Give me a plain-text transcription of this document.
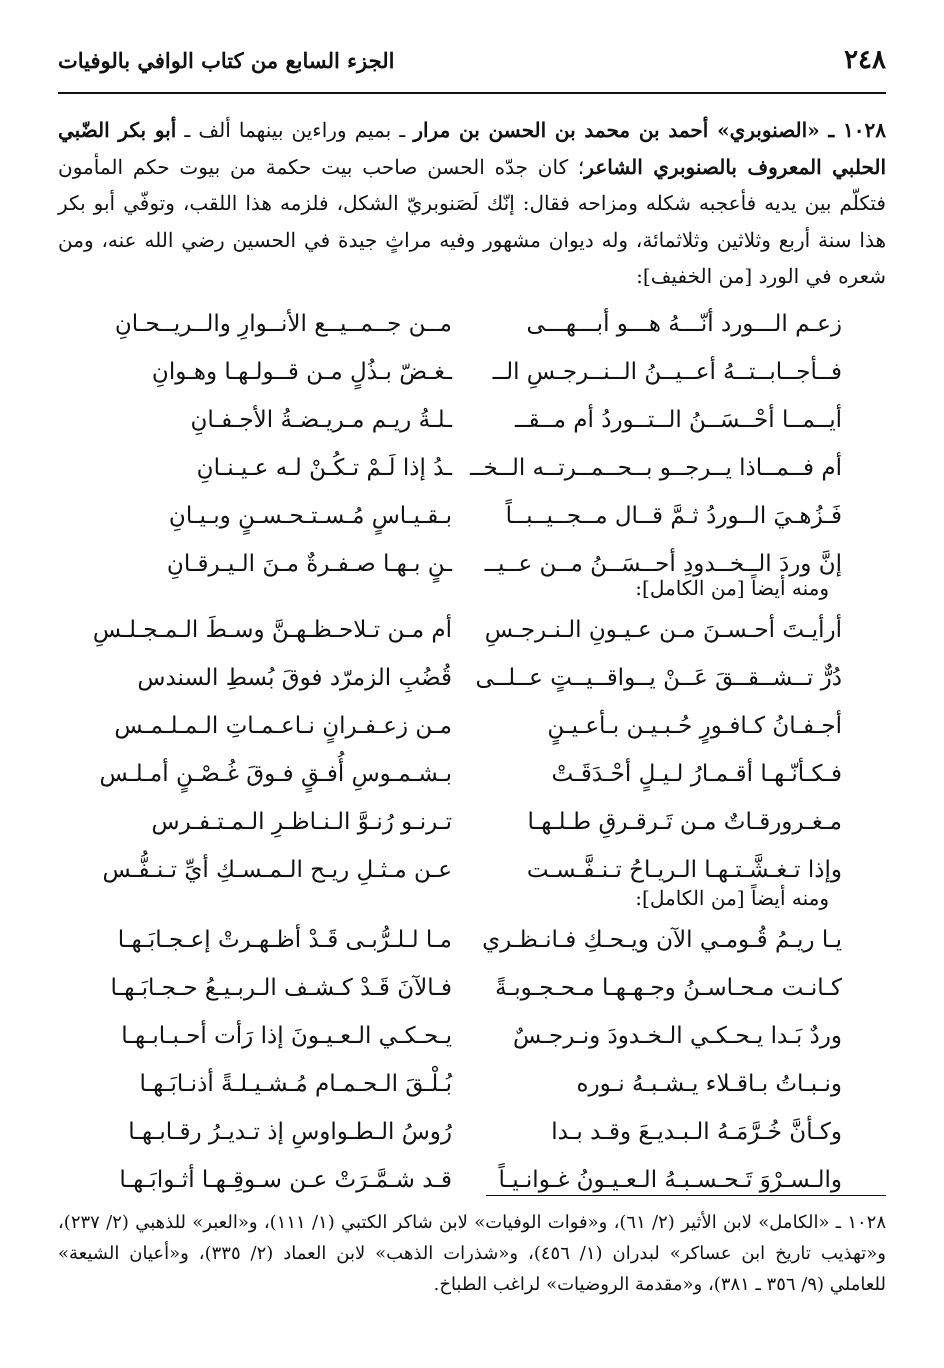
٢٤٨
الجزء السابع من كتاب الوافي بالوفيات
١٠٢٨ ـ «الصنوبري» أحمد بن محمد بن الحسن بن مرار ـ بميم وراءين بينهما ألف ـ أبو بكر الضّبي الحلبي المعروف بالصنوبري الشاعر؛ كان جدّه الحسن صاحب بيت حكمة من بيوت حكم المأمون فتكلّم بين يديه فأعجبه شكله ومزاحه فقال: إنّك لَصَنوبريّ الشكل، فلزمه هذا اللقب، وتوفّي أبو بكر هذا سنة أربع وثلاثين وثلاثمائة، وله ديوان مشهور وفيه مراثٍ جيدة في الحسين رضي الله عنه، ومن شعره في الورد [من الخفيف]:
زعـم الـــورد أنّـــهُ هـــو أبـــهـــى
مــن جــمــيــع الأنــوارِ والــريــحـانِ
فــأجــابــتــهُ أعــيــنُ الــنــرجـسِ الــ
ـغـضّ بـذُلٍ مـن قــولـهـا وهـوانِ
أيــمــا أحْــسَــنُ الــتــوردُ أم مــقــ
ـلـةُ ريـم مـريـضـةُ الأجـفـانِ
أم فــمــاذا يــرجــو بــحــمــرتــه الــخــ
ـدُ إذا لَـمْ تـكُـنْ لـه عـيـنـانِ
فَـزُهـيَ الــوردُ ثـمَّ قــال مــجــيــبــاً
بـقـيـاسٍ مُـسـتـحـسـنٍ وبـيـانِ
إنَّ وردَ الــخــدودِ أحــسَــنُ مــن عــيــ
ـنٍ بـهـا صـفـرةٌ مـنَ الـيـرقـانِ
ومنه أيضاً [من الكامل]:
أرأيـتَ أحـسـنَ مـن عـيـونِ الـنـرجـسِ
أم مـن تـلاحـظـهـنَّ وسـطَ الـمـجـلـسِ
دُرٌّ تــشــقــقَ عَــنْ يــواقــيــتٍ عــلــى
قُضُبِ الزمرّد فوقَ بُسطِ السندس
أجـفـانُ كـافـورٍ حُـبـيـن بـأعـيـنٍ
مـن زعـفـرانٍ نـاعـمـاتِ الـمـلـمـس
فـكـأنّـهـا أقـمـارُ لـيـلٍ أحْـدَقَـتْ
بـشـمـوسِ أُفـقٍ فـوقَ غُـصْـنٍ أمـلـس
مـغـرورقـاتٌ مـن تَـرقـرقِ طـلـهـا
تـرنـو رُنـوَّ الـنـاظـرِ الـمـتـفـرس
وإذا تـغـشَّـتـهـا الـريـاحُ تـنـفَّـسـت
عـن مـثـلِ ريـح الـمـسـكِ أيِّ تـنـفُّـس
ومنه أيضاً [من الكامل]:
يـا ريـمُ قُـومـي الآن ويـحـكِ فـانـظـري
مـا لـلـرُّبـى قَـدْ أظـهـرتْ إعـجـابَـهـا
كـانـت مـحـاسـنُ وجـهـهـا مـحـجـوبـةً
فـالآنَ قَـدْ كـشـف الـربـيـعُ حـجـابَـهـا
وردٌ بَـدا يـحـكـي الـخـدودَ ونـرجـسٌ
يـحـكـي الـعـيـونَ إذا رَأت أحـبـابـهـا
ونـبـاتُ بـاقـلاء يـشـبـهُ نـوره
بُـلْـقَ الـحـمـام مُـشـيـلـةً أذنـابَـهـا
وكـأنَّ خُـرَّمَـهُ الـبـديـعَ وقـد بـدا
رُوسُ الـطـواوسِ إذ تـديـرُ رقـابـهـا
والـسـرْوَ تَـحـسـبـهُ الـعـيـونُ غـوانـيـاً
قـد شـمَّـرَتْ عـن سـوقِـهـا أثـوابَـهـا
١٠٢٨ ـ «الكامل» لابن الأثير (٢/ ٦١)، و«فوات الوفيات» لابن شاكر الكتبي (١/ ١١١)، و«العبر» للذهبي (٢/ ٢٣٧)، و«تهذيب تاريخ ابن عساكر» لبدران (١/ ٤٥٦)، و«شذرات الذهب» لابن العماد (٢/ ٣٣٥)، و«أعيان الشيعة» للعاملي (٩/ ٣٥٦ ـ ٣٨١)، و«مقدمة الروضيات» لراغب الطباخ.
